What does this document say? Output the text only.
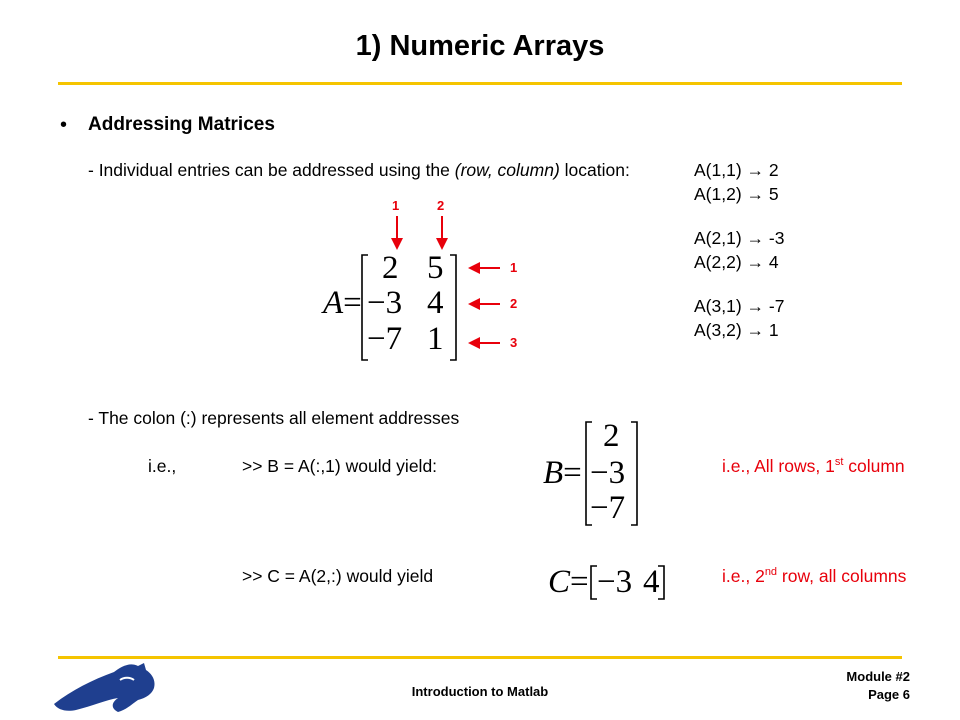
1) Numeric Arrays
• Addressing Matrices
- Individual entries can be addressed using the (row, column) location:	A(1,1) → 2
A(1,2) → 5
A(2,1) → -3
A(2,2) → 4
A(3,1) → -7
A(3,2) → 1
1	2
1
2
3
A=
2 5
−3 4
−7 1
- The colon (:) represents all element addresses
i.e.,	>> B = A(:,1) would yield:	B=
2
−3
−7
i.e., All rows, 1st column
>> C = A(2,:) would yield	C= −3 4	i.e., 2nd row, all columns
Introduction to Matlab
Module #2
Page 6
